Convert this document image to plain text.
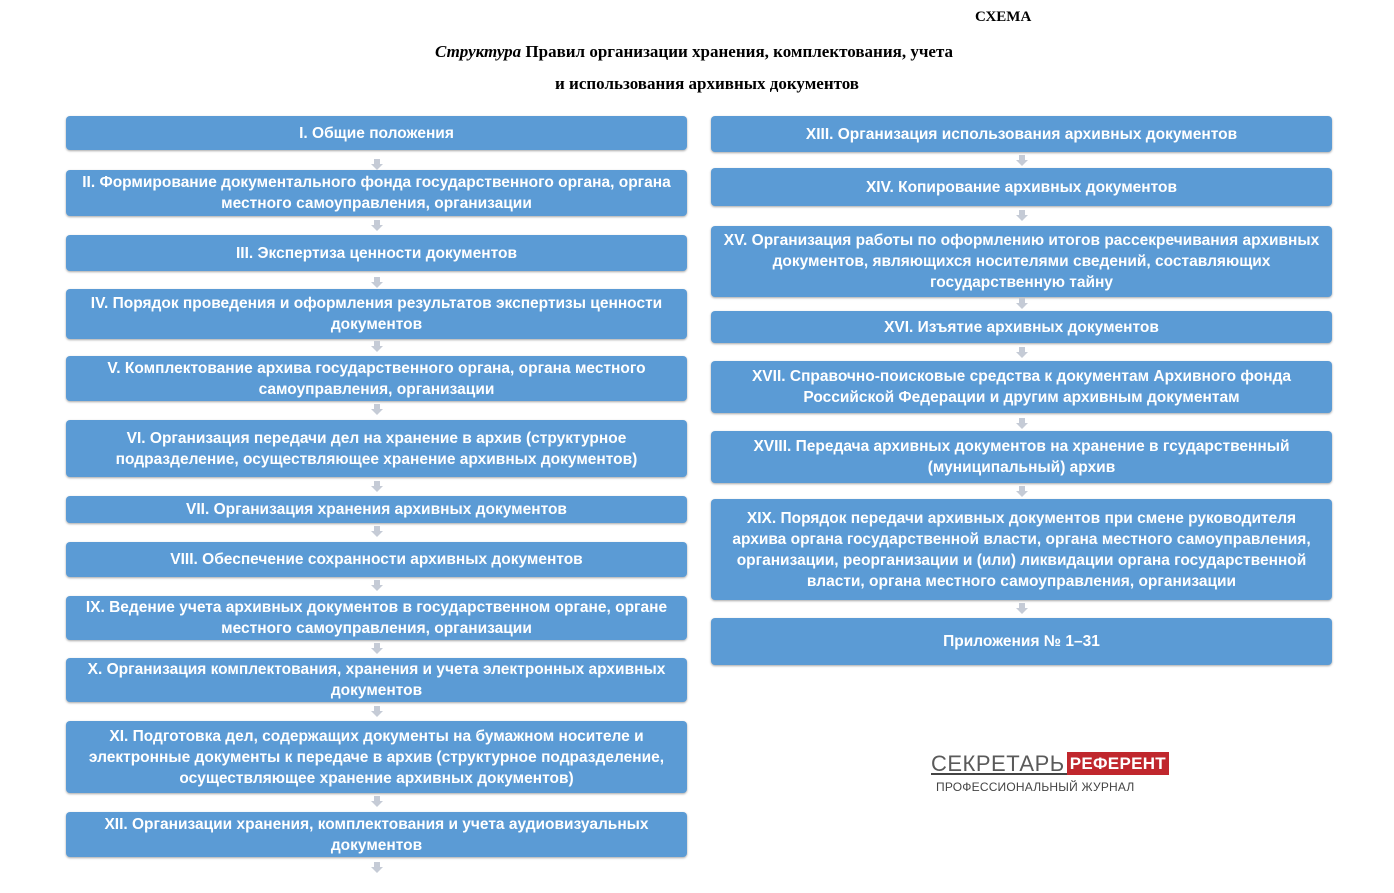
СХЕМА
Структура Правил организации хранения, комплектования, учета
и использования архивных документов
I. Общие положения
II. Формирование документального фонда государственного органа, органа местного самоуправления, организации
III. Экспертиза ценности документов
IV. Порядок проведения и оформления результатов экспертизы ценности документов
V. Комплектование архива государственного органа, органа местного самоуправления, организации
VI. Организация передачи дел на хранение в архив (структурное подразделение, осуществляющее хранение архивных документов)
VII. Организация хранения архивных документов
VIII. Обеспечение сохранности архивных документов
IX. Ведение учета архивных документов в государственном органе, органе местного самоуправления, организации
X. Организация комплектования, хранения и учета электронных архивных документов
XI. Подготовка дел, содержащих документы на бумажном носителе и электронные документы к передаче в архив (структурное подразделение, осуществляющее хранение архивных документов)
XII. Организации хранения, комплектования и учета аудиовизуальных документов
XIII. Организация использования архивных документов
XIV. Копирование архивных документов
XV. Организация работы по оформлению итогов рассекречивания архивных документов, являющихся носителями сведений, составляющих государственную тайну
XVI. Изъятие архивных документов
XVII. Справочно-поисковые средства к документам Архивного фонда Российской Федерации и другим архивным документам
XVIII. Передача архивных документов на хранение в гсударственный (муниципальный) архив
XIX. Порядок передачи архивных документов при смене руководителя архива органа государственной власти, органа местного самоуправления, организации, реорганизации и (или) ликвидации органа государственной власти, органа местного самоуправления, организации
Приложения № 1–31
СЕКРЕТАРЬ РЕФЕРЕНТ
ПРОФЕССИОНАЛЬНЫЙ ЖУРНАЛ
